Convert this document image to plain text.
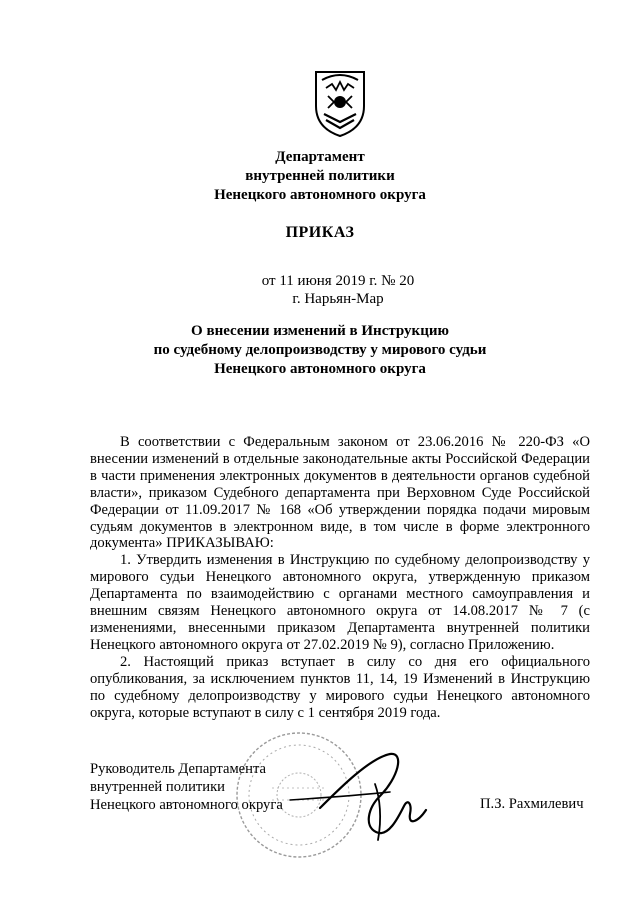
Департамент
внутренней политики
Ненецкого автономного округа
ПРИКАЗ
от 11 июня 2019 г. № 20
г. Нарьян-Мар
О внесении изменений в Инструкцию
по судебному делопроизводству у мирового судьи
Ненецкого автономного округа

В соответствии с Федеральным законом от 23.06.2016 № 220-ФЗ «О внесении изменений в отдельные законодательные акты Российской Федерации в части применения электронных документов в деятельности органов судебной власти», приказом Судебного департамента при Верховном Суде Российской Федерации от 11.09.2017 № 168 «Об утверждении порядка подачи мировым судьям документов в электронном виде, в том числе в форме электронного документа» ПРИКАЗЫВАЮ:

1. Утвердить изменения в Инструкцию по судебному делопроизводству у мирового судьи Ненецкого автономного округа, утвержденную приказом Департамента по взаимодействию с органами местного самоуправления и внешним связям Ненецкого автономного округа от 14.08.2017 № 7 (с изменениями, внесенными приказом Департамента внутренней политики Ненецкого автономного округа от 27.02.2019 № 9), согласно Приложению.

2. Настоящий приказ вступает в силу со дня его официального опубликования, за исключением пунктов 11, 14, 19 Изменений в Инструкцию по судебному делопроизводству у мирового судьи Ненецкого автономного округа, которые вступают в силу с 1 сентября 2019 года.

Руководитель Департамента
внутренней политики
Ненецкого автономного округа	П.З. Рахмилевич
